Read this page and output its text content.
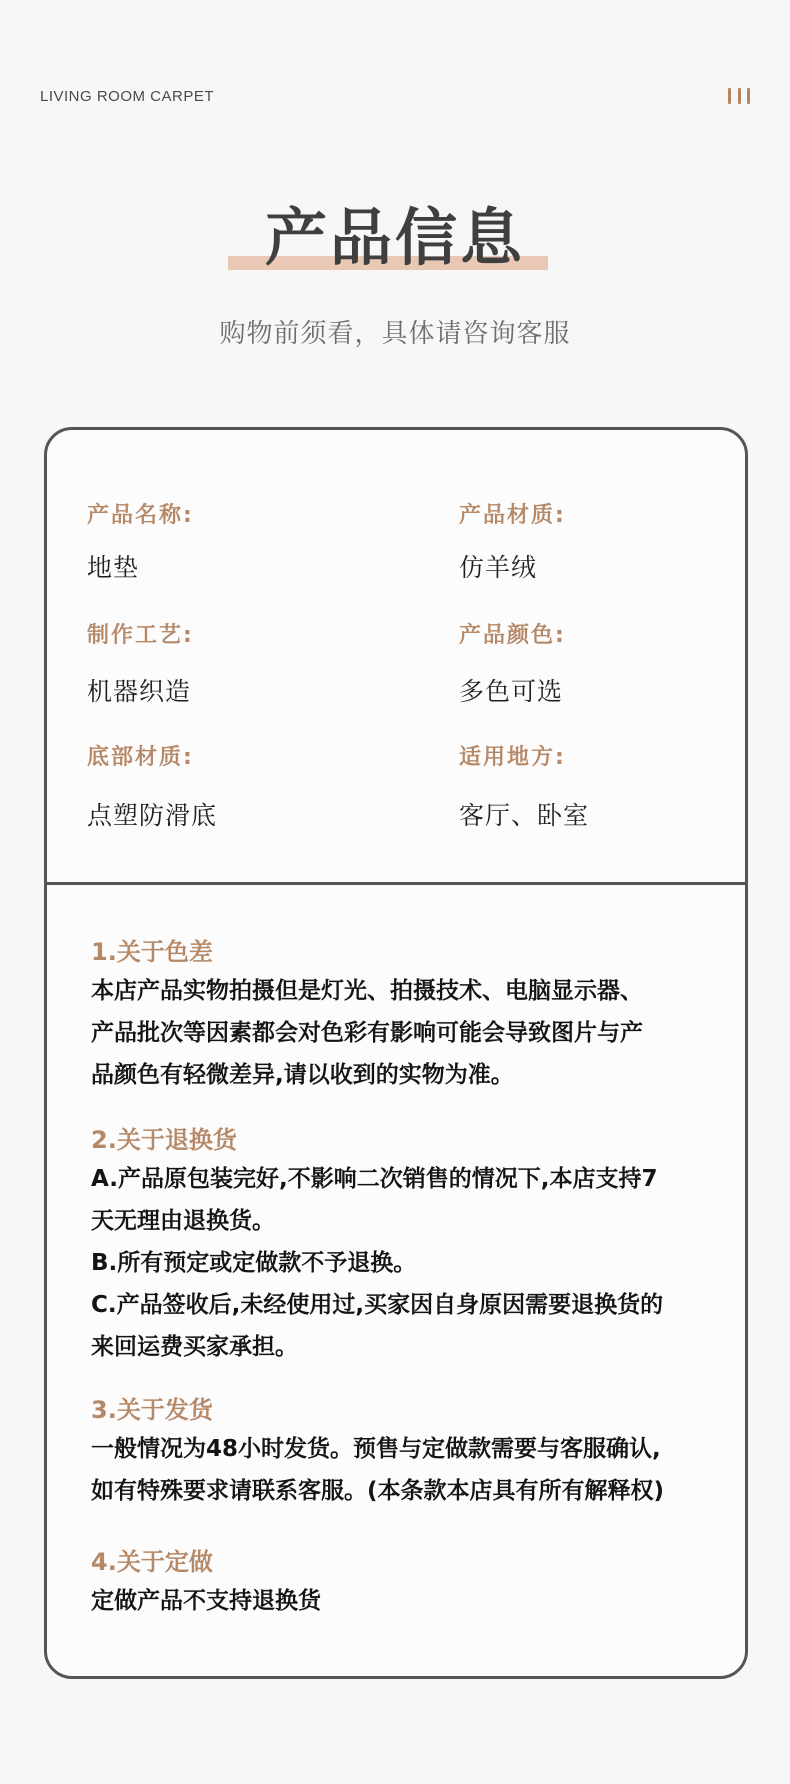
LIVING ROOM CARPET
产品信息
购物前须看，具体请咨询客服
产品名称:
地垫
产品材质:
仿羊绒
制作工艺:
机器织造
产品颜色:
多色可选
底部材质:
点塑防滑底
适用地方:
客厅、卧室
1.关于色差
本店产品实物拍摄但是灯光、拍摄技术、电脑显示器、
产品批次等因素都会对色彩有影响可能会导致图片与产
品颜色有轻微差异,请以收到的实物为准。
2.关于退换货
A.产品原包装完好,不影响二次销售的情况下,本店支持7
天无理由退换货。
B.所有预定或定做款不予退换。
C.产品签收后,未经使用过,买家因自身原因需要退换货的
来回运费买家承担。
3.关于发货
一般情况为48小时发货。预售与定做款需要与客服确认,
如有特殊要求请联系客服。(本条款本店具有所有解释权)
4.关于定做
定做产品不支持退换货
